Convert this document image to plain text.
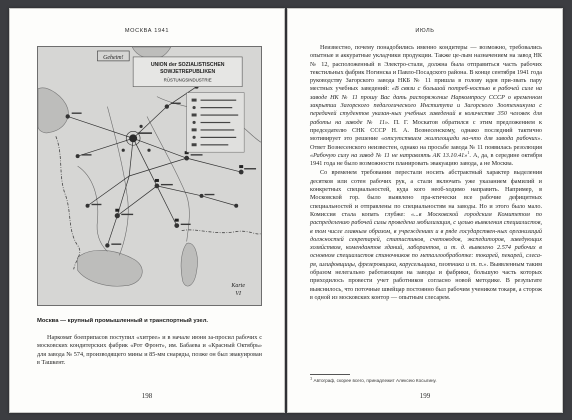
МОСКВА 1941
UNION der SOZIALISTISCHEN
SOWJETREPUBLIKEN
RÜSTUNGSINDUSTRIE
Geheim!
Karte
VI
Москва — крупный промышленный и транспортный узел.

Наркомат боеприпасов поступил «хитрее» и в начале июня за-просил рабочих с московских кондитерских фабрик «Рот Фронт», им. Бабаева и «Красный Октябрь» для завода № 574, производящего мины и 85-мм снаряды, позже он был эвакуирован в Ташкент.

198
ИЮЛЬ

Неизвестно, почему понадобились именно кондитеры — возможно, требовались опытные и аккуратные укладчики продукции. Также це-лым назначением на завод НК № 12, расположенный в Электро-стали, должна была отправиться часть рабочих текстильных фабрик Ногинска и Павло-Посадского района. В конце сентября 1941 года руководству Загорского завода НКБ № 11 пришла в голову идея при-звать пару местных учебных заведений: «В связи с большой потреб-ностью в рабочей силе на заводе НК № 11 прошу Вас дать распоряжение Наркомпросу СССР о временном закрытии Загорского педагогического Института и Загорского Зоотехникума с передачей студентов указан-ных учебных заведений в количестве 350 человек для работы на заводе № 11». П. Г. Москатов обратился с этим предложением к председателю СНК СССР Н. А. Вознесенскому, однако последний тактично мотивирует это решение «отсутствием жилплощади на-что для завода рабочих». Ответ Вознесенского неизвестен, однако на просьбе завода № 11 появилась резолюция «Рабочую силу на завод № 11 не направлять АК 13.10.41»$^1$. А, да, в середине октября 1941 года не было возможности планировать эвакуацию завода, а не Москва.

Со временем требования перестали носить абстрактный характер выделения десятков или сотен рабочих рук, а стали включать уже указанием фамилий и конкретных специальностей, куда кого необ-ходимо направить. Например, в Московской гор. было выявлено пра-ктически все рабочие дефицитных специальностей и отправлены по специальностям на заводы. Но и этого было мало. Комиссия стала копать глубже: «...в Московской городским Комитетом по распределению рабочей силы проведена мобилизация, с целью выявления специалистов, в том числе главным образом, в учреждениях и в ряде государствен-ных организаций должностей секретарей, статистиков, счетоводов, экспедиторов, заведующих хозяйством, комендантов зданий, лаборантов, и т. д. выявлено 2.574 рабочих в основном специалистов станочников по металлообработке: токарей, пекарей, слеса-ря, шлифовщицы, фрезеровщика, карусельщика, плотника и т. п.». Выявленным таким образом нелегально работающим на заводы и фабрики, большую часть которых приходилось провести учет работников согласно новой методике. В результате выяснилось, что поточные швейцар постоянно был рабочим учеником токаря, а сторож в одной из московских контор — опытным слесарем.

1 Автограф, скорее всего, принадлежит Алексею Косыгину.
199
